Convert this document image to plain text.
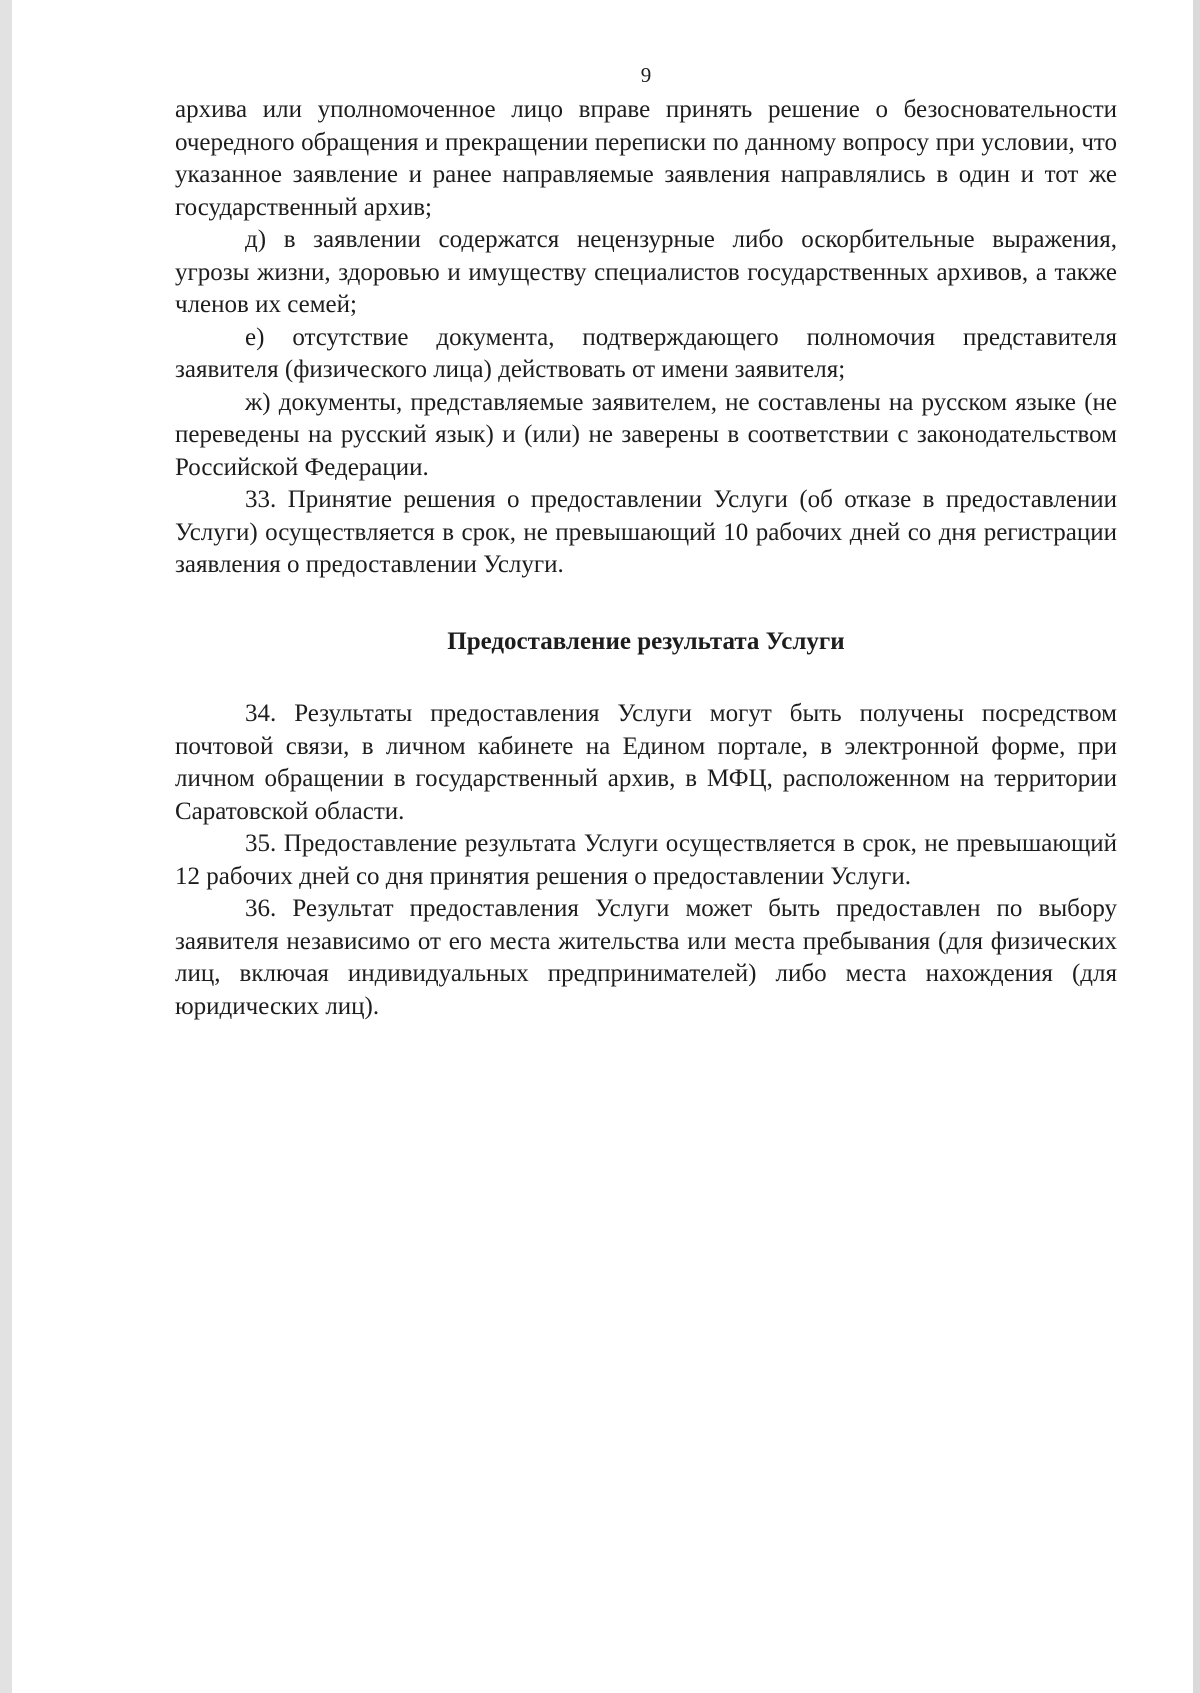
9

архива или уполномоченное лицо вправе принять решение о безосновательности очередного обращения и прекращении переписки по данному вопросу при условии, что указанное заявление и ранее направляемые заявления направлялись в один и тот же государственный архив;

д) в заявлении содержатся нецензурные либо оскорбительные выражения, угрозы жизни, здоровью и имуществу специалистов государственных архивов, а также членов их семей;

е) отсутствие документа, подтверждающего полномочия представителя заявителя (физического лица) действовать от имени заявителя;

ж) документы, представляемые заявителем, не составлены на русском языке (не переведены на русский язык) и (или) не заверены в соответствии с законодательством Российской Федерации.

33. Принятие решения о предоставлении Услуги (об отказе в предоставлении Услуги) осуществляется в срок, не превышающий 10 рабочих дней со дня регистрации заявления о предоставлении Услуги.

Предоставление результата Услуги

34. Результаты предоставления Услуги могут быть получены посредством почтовой связи, в личном кабинете на Едином портале, в электронной форме, при личном обращении в государственный архив, в МФЦ, расположенном на территории Саратовской области.

35. Предоставление результата Услуги осуществляется в срок, не превышающий 12 рабочих дней со дня принятия решения о предоставлении Услуги.

36. Результат предоставления Услуги может быть предоставлен по выбору заявителя независимо от его места жительства или места пребывания (для физических лиц, включая индивидуальных предпринимателей) либо места нахождения (для юридических лиц).
